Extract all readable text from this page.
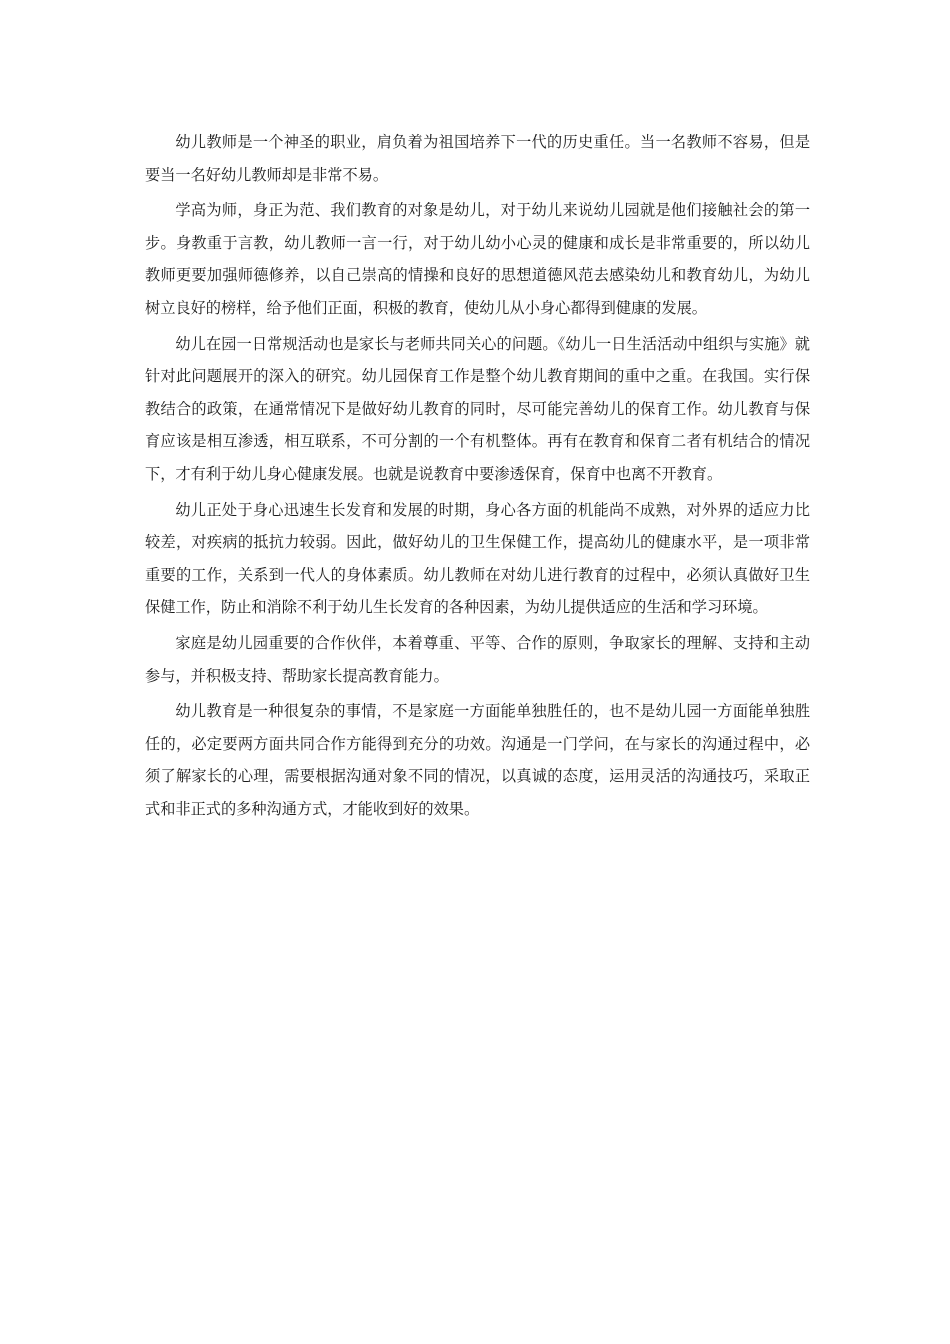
幼儿教师是一个神圣的职业，肩负着为祖国培养下一代的历史重任。当一名教师不容易，但是要当一名好幼儿教师却是非常不易。

学高为师，身正为范、我们教育的对象是幼儿，对于幼儿来说幼儿园就是他们接触社会的第一步。身教重于言教，幼儿教师一言一行，对于幼儿幼小心灵的健康和成长是非常重要的，所以幼儿教师更要加强师德修养，以自己崇高的情操和良好的思想道德风范去感染幼儿和教育幼儿，为幼儿树立良好的榜样，给予他们正面，积极的教育，使幼儿从小身心都得到健康的发展。

幼儿在园一日常规活动也是家长与老师共同关心的问题。《幼儿一日生活活动中组织与实施》就针对此问题展开的深入的研究。幼儿园保育工作是整个幼儿教育期间的重中之重。在我国。实行保教结合的政策，在通常情况下是做好幼儿教育的同时，尽可能完善幼儿的保育工作。幼儿教育与保育应该是相互渗透，相互联系，不可分割的一个有机整体。再有在教育和保育二者有机结合的情况下，才有利于幼儿身心健康发展。也就是说教育中要渗透保育，保育中也离不开教育。

幼儿正处于身心迅速生长发育和发展的时期，身心各方面的机能尚不成熟，对外界的适应力比较差，对疾病的抵抗力较弱。因此，做好幼儿的卫生保健工作，提高幼儿的健康水平，是一项非常重要的工作，关系到一代人的身体素质。幼儿教师在对幼儿进行教育的过程中，必须认真做好卫生保健工作，防止和消除不利于幼儿生长发育的各种因素，为幼儿提供适应的生活和学习环境。

家庭是幼儿园重要的合作伙伴，本着尊重、平等、合作的原则，争取家长的理解、支持和主动参与，并积极支持、帮助家长提高教育能力。

幼儿教育是一种很复杂的事情，不是家庭一方面能单独胜任的，也不是幼儿园一方面能单独胜任的，必定要两方面共同合作方能得到充分的功效。沟通是一门学问，在与家长的沟通过程中，必须了解家长的心理，需要根据沟通对象不同的情况，以真诚的态度，运用灵活的沟通技巧，采取正式和非正式的多种沟通方式，才能收到好的效果。
